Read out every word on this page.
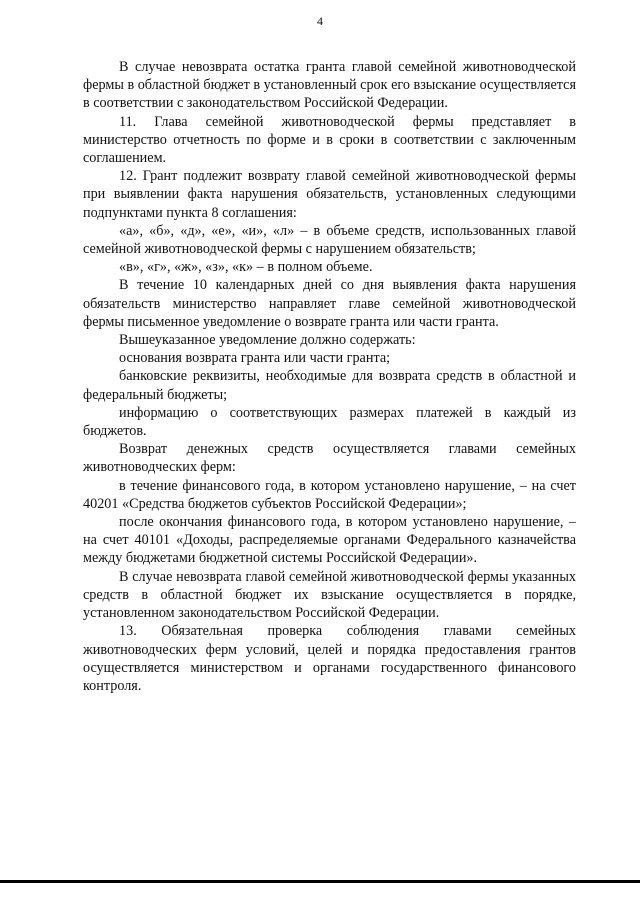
4

В случае невозврата остатка гранта главой семейной животноводческой фермы в областной бюджет в установленный срок его взыскание осуществляется в соответствии с законодательством Российской Федерации.

11. Глава семейной животноводческой фермы представляет в министерство отчетность по форме и в сроки в соответствии с заключенным соглашением.

12. Грант подлежит возврату главой семейной животноводческой фермы при выявлении факта нарушения обязательств, установленных следующими подпунктами пункта 8 соглашения:

«а», «б», «д», «е», «и», «л» – в объеме средств, использованных главой семейной животноводческой фермы с нарушением обязательств;

«в», «г», «ж», «з», «к» – в полном объеме.

В течение 10 календарных дней со дня выявления факта нарушения обязательств министерство направляет главе семейной животноводческой фермы письменное уведомление о возврате гранта или части гранта.

Вышеуказанное уведомление должно содержать:

основания возврата гранта или части гранта;

банковские реквизиты, необходимые для возврата средств в областной и федеральный бюджеты;

информацию о соответствующих размерах платежей в каждый из бюджетов.

Возврат денежных средств осуществляется главами семейных животноводческих ферм:

в течение финансового года, в котором установлено нарушение, – на счет 40201 «Средства бюджетов субъектов Российской Федерации»;

после окончания финансового года, в котором установлено нарушение, – на счет 40101 «Доходы, распределяемые органами Федерального казначейства между бюджетами бюджетной системы Российской Федерации».

В случае невозврата главой семейной животноводческой фермы указанных средств в областной бюджет их взыскание осуществляется в порядке, установленном законодательством Российской Федерации.

13. Обязательная проверка соблюдения главами семейных животноводческих ферм условий, целей и порядка предоставления грантов осуществляется министерством и органами государственного финансового контроля.
